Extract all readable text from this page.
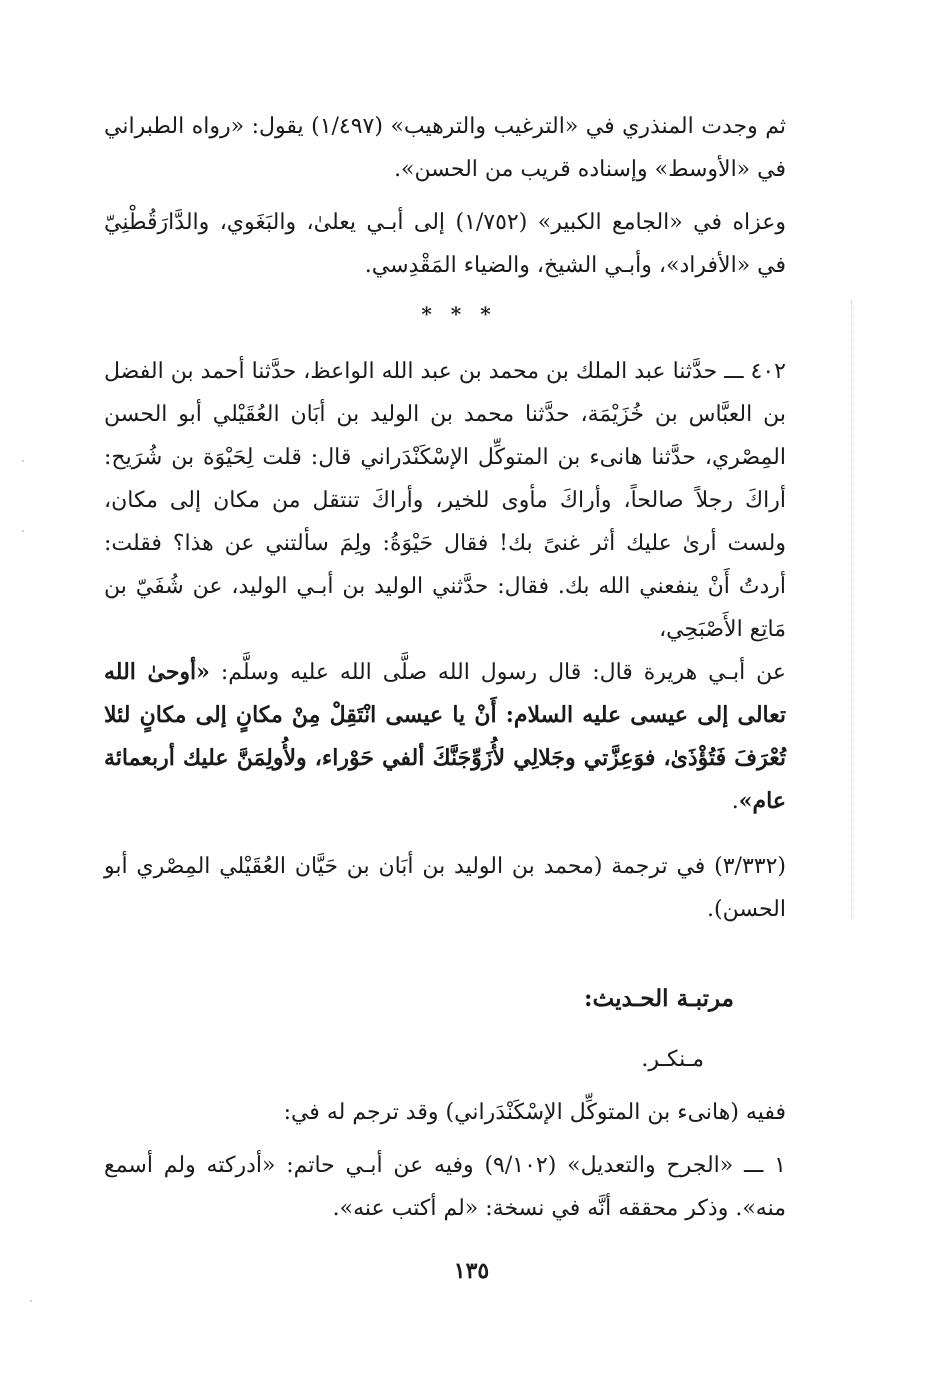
ثم وجدت المنذري في «الترغيب والترهيب» (١/٤٩٧) يقول: «رواه الطبراني في «الأوسط» وإسناده قريب من الحسن».

وعزاه في «الجامع الكبير» (١/٧٥٢) إلى أبـي يعلىٰ، والبَغَوي، والدَّارَقُطْنِيّ في «الأفراد»، وأبـي الشيخ، والضياء المَقْدِسي.

* * *

٤٠٢ ـــ حدَّثنا عبد الملك بن محمد بن عبد الله الواعظ، حدَّثنا أحمد بن الفضل بن العبَّاس بن خُزَيْمَة، حدَّثنا محمد بن الوليد بن أبَان العُقَيْلي أبو الحسن المِصْري، حدَّثنا هانىء بن المتوكِّل الإسْكَنْدَراني قال: قلت لِحَيْوَة بن شُرَيح: أراكَ رجلاً صالحاً، وأراكَ مأوى للخير، وأراكَ تنتقل من مكان إلى مكان، ولست أرىٰ عليك أثر غنىً بك! فقال حَيْوَةُ: ولِمَ سألتني عن هذا؟ فقلت: أردتُ أَنْ ينفعني الله بك. فقال: حدَّثني الوليد بن أبـي الوليد، عن شُفَيّ بن مَاتِع الأَصْبَحِي،

عن أبـي هريرة قال: قال رسول الله صلَّى الله عليه وسلَّم: «أوحىٰ الله تعالى إلى عيسى عليه السلام: أَنْ يا عيسى انْتَقِلْ مِنْ مكانٍ إلى مكانٍ لئلا تُعْرَفَ فَتُؤْذَىٰ، فوَعِزَّتي وجَلالِي لأُزَوِّجَنَّكَ ألفي حَوْراء، ولأُولِمَنَّ عليك أربعمائة عام».

(٣/٣٣٢) في ترجمة (محمد بن الوليد بن أبَان بن حَيَّان العُقَيْلي المِصْري أبو الحسن).

مرتبـة الحـديث:

مـنكـر.

ففيه (هانىء بن المتوكِّل الإسْكَنْدَراني) وقد ترجم له في:

١ ـــ «الجرح والتعديل» (٩/١٠٢) وفيه عن أبـي حاتم: «أدركته ولم أسمع منه». وذكر محققه أنَّه في نسخة: «لم أكتب عنه».

١٣٥
